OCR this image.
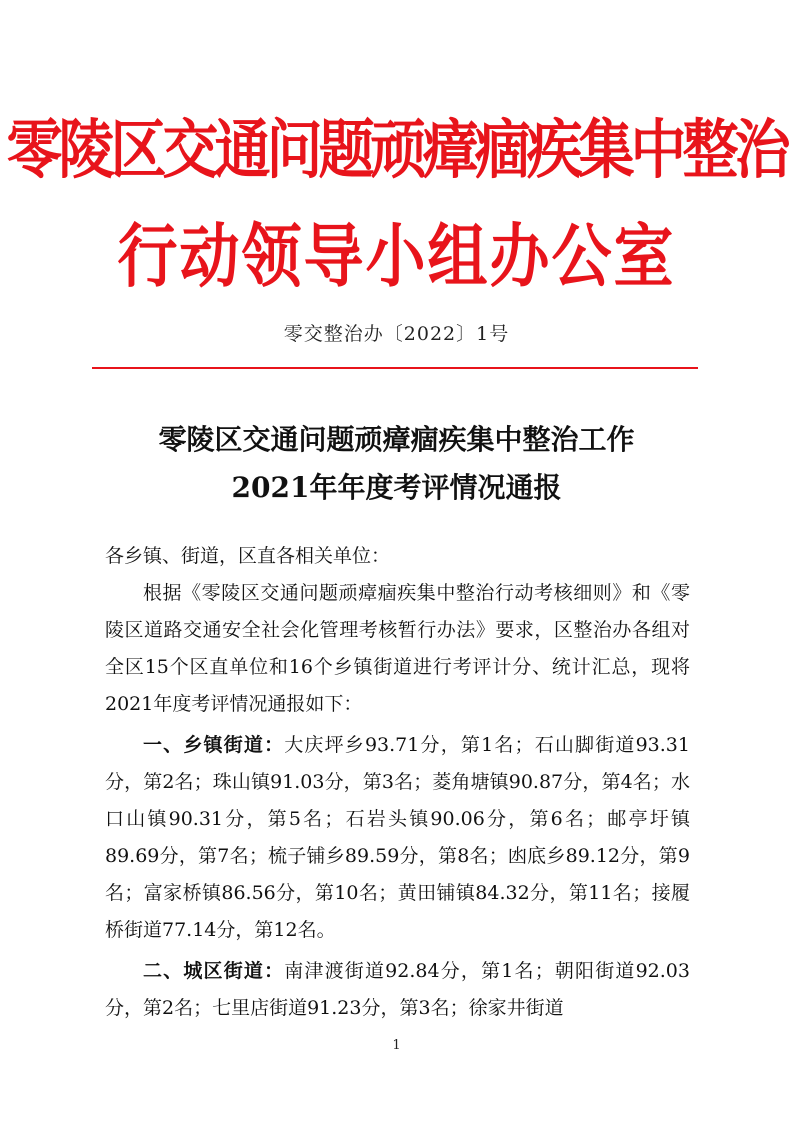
零陵区交通问题顽瘴痼疾集中整治
行动领导小组办公室
零交整治办〔2022〕1号
零陵区交通问题顽瘴痼疾集中整治工作
2021年年度考评情况通报
各乡镇、街道，区直各相关单位：
根据《零陵区交通问题顽瘴痼疾集中整治行动考核细则》和《零陵区道路交通安全社会化管理考核暂行办法》要求，区整治办各组对全区15个区直单位和16个乡镇街道进行考评计分、统计汇总，现将2021年度考评情况通报如下：
一、乡镇街道：大庆坪乡93.71分，第1名；石山脚街道93.31分，第2名；珠山镇91.03分，第3名；菱角塘镇90.87分，第4名；水口山镇90.31分，第5名；石岩头镇90.06分，第6名；邮亭圩镇89.69分，第7名；梳子铺乡89.59分，第8名；凼底乡89.12分，第9名；富家桥镇86.56分，第10名；黄田铺镇84.32分，第11名；接履桥街道77.14分，第12名。
二、城区街道：南津渡街道92.84分，第1名；朝阳街道92.03分，第2名；七里店街道91.23分，第3名；徐家井街道
1
